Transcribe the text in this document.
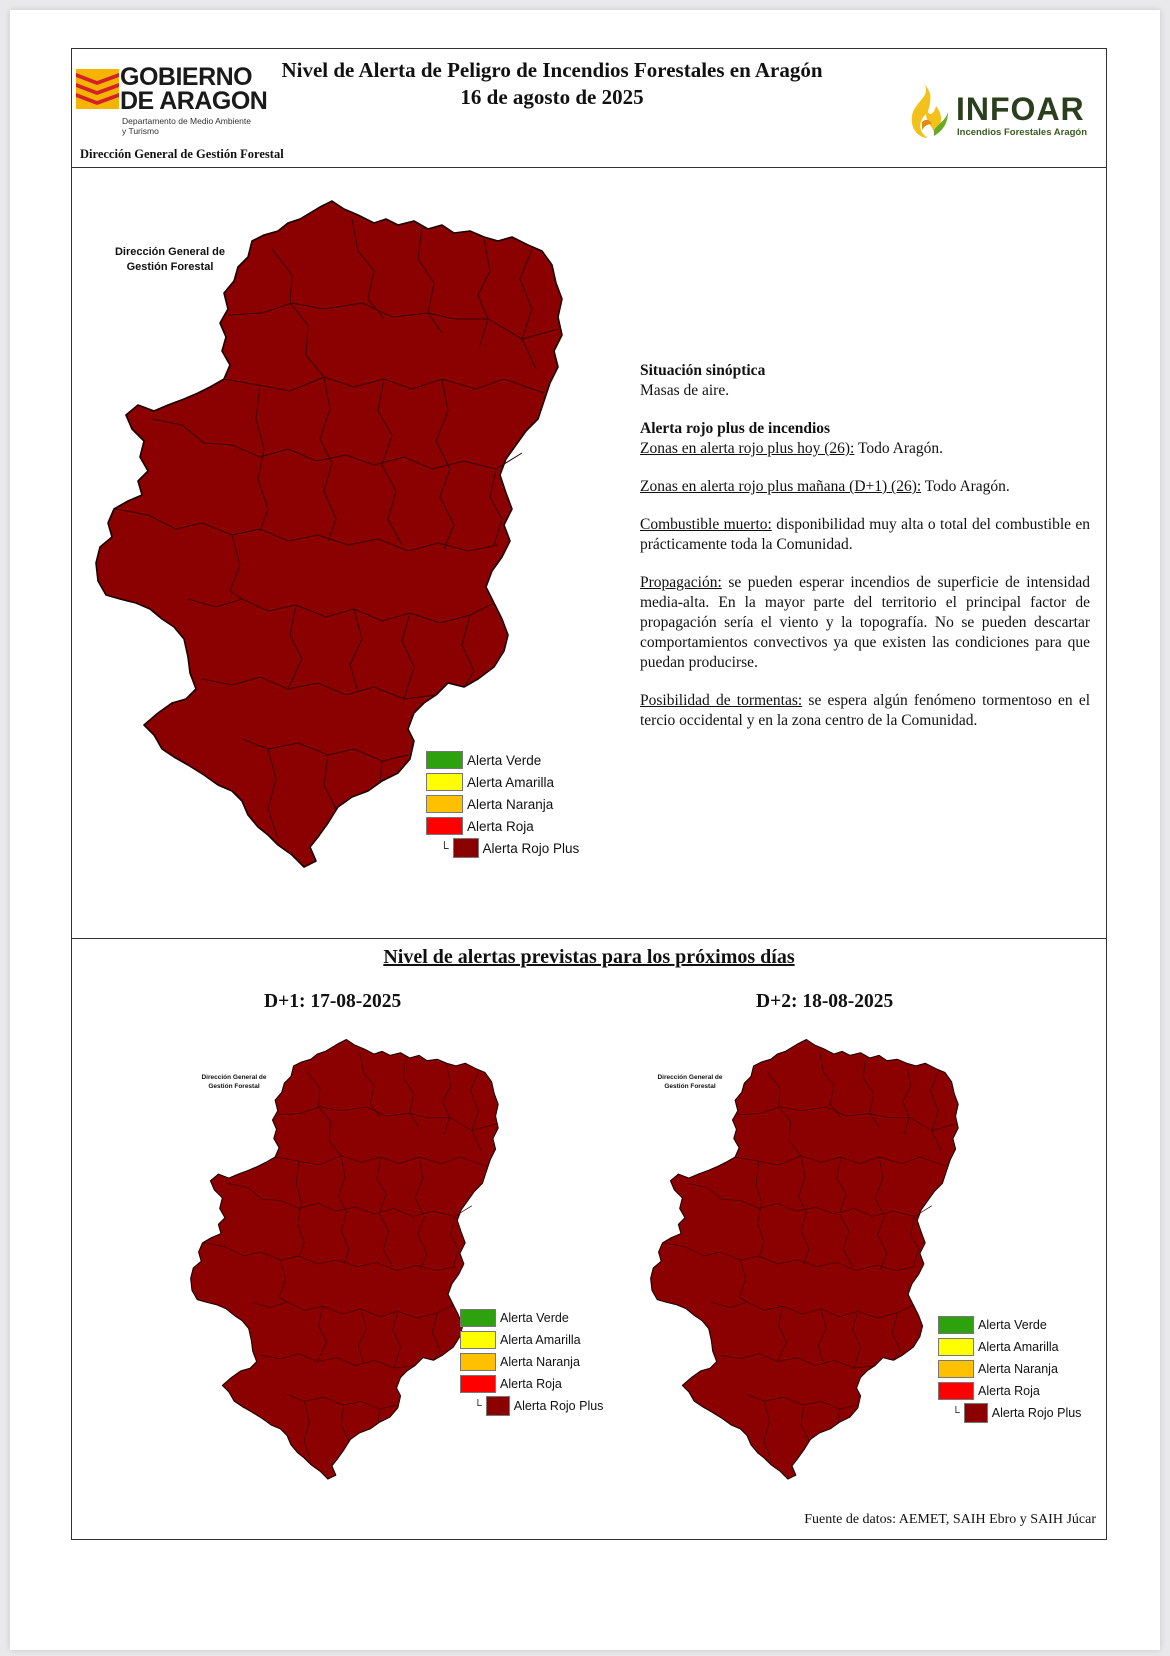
GOBIERNO
DE ARAGON
Departamento de Medio Ambiente
y Turismo
Dirección General de Gestión Forestal
Nivel de Alerta de Peligro de Incendios Forestales en Aragón
16 de agosto de 2025	INFOAR
Incendios Forestales Aragón
Dirección General de
Gestión Forestal

Situación sinóptica
Masas de aire.

Alerta rojo plus de incendios
Zonas en alerta rojo plus hoy (26): Todo Aragón.

Zonas en alerta rojo plus mañana (D+1) (26): Todo Aragón.

Combustible muerto: disponibilidad muy alta o total del combustible en prácticamente toda la Comunidad.

Propagación: se pueden esperar incendios de superficie de intensidad media-alta. En la mayor parte del territorio el principal factor de propagación sería el viento y la topografía. No se pueden descartar comportamientos convectivos ya que existen las condiciones para que puedan producirse.

Posibilidad de tormentas: se espera algún fenómeno tormentoso en el tercio occidental y en la zona centro de la Comunidad.

Alerta Verde
Alerta Amarilla
Alerta Naranja
Alerta Roja
└	Alerta Rojo Plus
Nivel de alertas previstas para los próximos días
D+1: 17-08-2025	D+2: 18-08-2025
Dirección General de
Gestión Forestal
Dirección General de
Gestión Forestal
Alerta Verde
Alerta Amarilla
Alerta Naranja
Alerta Roja
└	Alerta Rojo Plus
Alerta Verde
Alerta Amarilla
Alerta Naranja
Alerta Roja
└	Alerta Rojo Plus
Fuente de datos: AEMET, SAIH Ebro y SAIH Júcar
